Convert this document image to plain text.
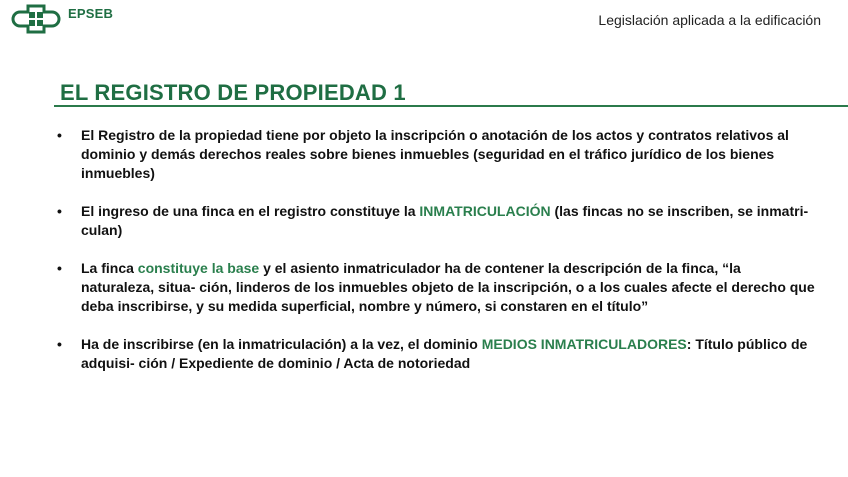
EPSEB	Legislación aplicada a la edificación
EL REGISTRO DE PROPIEDAD 1
•	El Registro de la propiedad tiene por objeto la inscripción o anotación de los actos y contratos relativos al dominio y demás derechos reales sobre bienes inmuebles (seguridad en el tráfico jurídico de los bienes inmuebles)
•	El ingreso de una finca en el registro constituye la INMATRICULACIÓN (las fincas no se inscriben, se inmatri- culan)
•	La finca constituye la base y el asiento inmatriculador ha de contener la descripción de la finca, “la naturaleza, situa- ción, linderos de los inmuebles objeto de la inscripción, o a los cuales afecte el derecho que deba inscribirse, y su medida superficial, nombre y número, si constaren en el título”
•	Ha de inscribirse (en la inmatriculación) a la vez, el dominio MEDIOS INMATRICULADORES: Título público de adquisi- ción / Expediente de dominio / Acta de notoriedad
